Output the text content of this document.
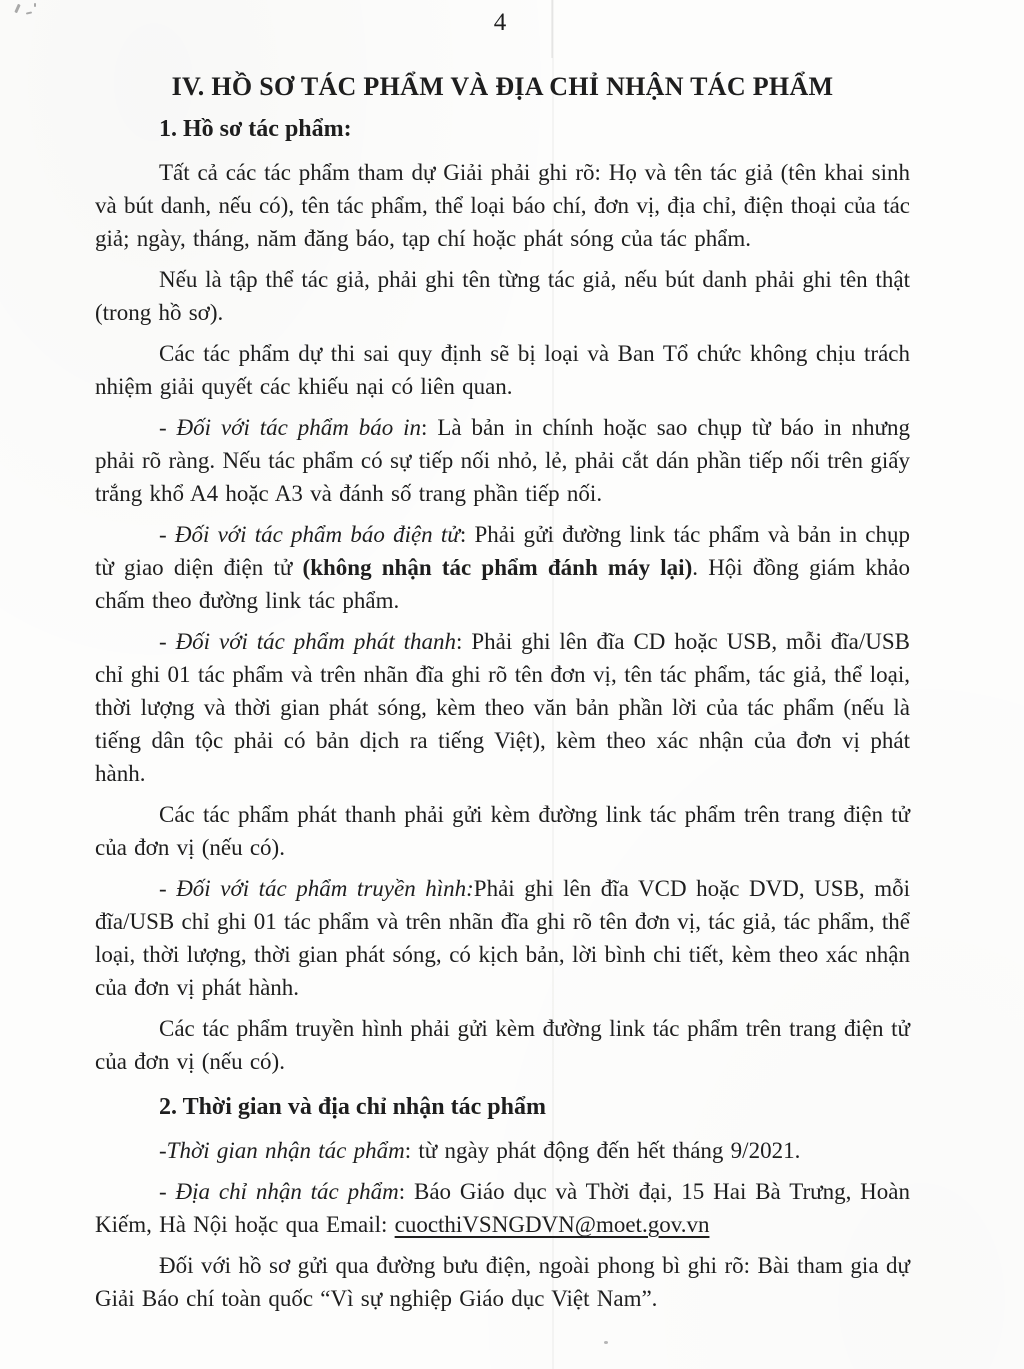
4
IV. HỒ SƠ TÁC PHẨM VÀ ĐỊA CHỈ NHẬN TÁC PHẨM
1. Hồ sơ tác phẩm:

Tất cả các tác phẩm tham dự Giải phải ghi rõ: Họ và tên tác giả (tên khai sinh và bút danh, nếu có), tên tác phẩm, thể loại báo chí, đơn vị, địa chỉ, điện thoại của tác giả; ngày, tháng, năm đăng báo, tạp chí hoặc phát sóng của tác phẩm.

Nếu là tập thể tác giả, phải ghi tên từng tác giả, nếu bút danh phải ghi tên thật (trong hồ sơ).

Các tác phẩm dự thi sai quy định sẽ bị loại và Ban Tổ chức không chịu trách nhiệm giải quyết các khiếu nại có liên quan.

- Đối với tác phẩm báo in: Là bản in chính hoặc sao chụp từ báo in nhưng phải rõ ràng. Nếu tác phẩm có sự tiếp nối nhỏ, lẻ, phải cắt dán phần tiếp nối trên giấy trắng khổ A4 hoặc A3 và đánh số trang phần tiếp nối.

- Đối với tác phẩm báo điện tử: Phải gửi đường link tác phẩm và bản in chụp từ giao diện điện tử (không nhận tác phẩm đánh máy lại). Hội đồng giám khảo chấm theo đường link tác phẩm.

- Đối với tác phẩm phát thanh: Phải ghi lên đĩa CD hoặc USB, mỗi đĩa/USB chỉ ghi 01 tác phẩm và trên nhãn đĩa ghi rõ tên đơn vị, tên tác phẩm, tác giả, thể loại, thời lượng và thời gian phát sóng, kèm theo văn bản phần lời của tác phẩm (nếu là tiếng dân tộc phải có bản dịch ra tiếng Việt), kèm theo xác nhận của đơn vị phát hành.

Các tác phẩm phát thanh phải gửi kèm đường link tác phẩm trên trang điện tử của đơn vị (nếu có).

- Đối với tác phẩm truyền hình:Phải ghi lên đĩa VCD hoặc DVD, USB, mỗi đĩa/USB chỉ ghi 01 tác phẩm và trên nhãn đĩa ghi rõ tên đơn vị, tác giả, tác phẩm, thể loại, thời lượng, thời gian phát sóng, có kịch bản, lời bình chi tiết, kèm theo xác nhận của đơn vị phát hành.

Các tác phẩm truyền hình phải gửi kèm đường link tác phẩm trên trang điện tử của đơn vị (nếu có).

2. Thời gian và địa chỉ nhận tác phẩm

-Thời gian nhận tác phẩm: từ ngày phát động đến hết tháng 9/2021.

- Địa chỉ nhận tác phẩm: Báo Giáo dục và Thời đại, 15 Hai Bà Trưng, Hoàn Kiếm, Hà Nội hoặc qua Email: cuocthiVSNGDVN@moet.gov.vn

Đối với hồ sơ gửi qua đường bưu điện, ngoài phong bì ghi rõ: Bài tham gia dự Giải Báo chí toàn quốc “Vì sự nghiệp Giáo dục Việt Nam”.
